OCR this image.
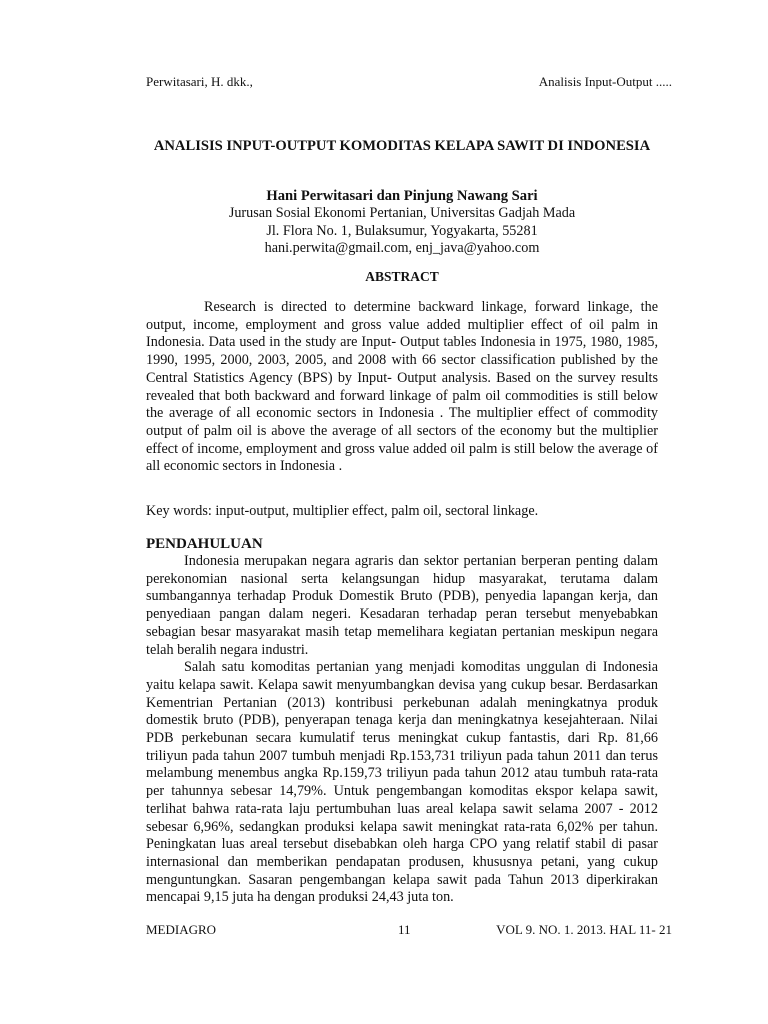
Perwitasari, H. dkk.,	Analisis Input-Output .....
ANALISIS INPUT-OUTPUT KOMODITAS KELAPA SAWIT DI INDONESIA
Hani Perwitasari dan Pinjung Nawang Sari
Jurusan Sosial Ekonomi Pertanian, Universitas Gadjah Mada
Jl. Flora No. 1, Bulaksumur, Yogyakarta, 55281
hani.perwita@gmail.com, enj_java@yahoo.com
ABSTRACT

Research is directed to determine backward linkage, forward linkage, the output, income, employment and gross value added multiplier effect of oil palm in Indonesia. Data used in the study are Input- Output tables Indonesia in 1975, 1980, 1985, 1990, 1995, 2000, 2003, 2005, and 2008 with 66 sector classification published by the Central Statistics Agency (BPS) by Input- Output analysis. Based on the survey results revealed that both backward and forward linkage of palm oil commodities is still below the average of all economic sectors in Indonesia . The multiplier effect of commodity output of palm oil is above the average of all sectors of the economy but the multiplier effect of income, employment and gross value added oil palm is still below the average of all economic sectors in Indonesia .

Key words: input-output, multiplier effect, palm oil, sectoral linkage.
PENDAHULUAN

Indonesia merupakan negara agraris dan sektor pertanian berperan penting dalam perekonomian nasional serta kelangsungan hidup masyarakat, terutama dalam sumbangannya terhadap Produk Domestik Bruto (PDB), penyedia lapangan kerja, dan penyediaan pangan dalam negeri. Kesadaran terhadap peran tersebut menyebabkan sebagian besar masyarakat masih tetap memelihara kegiatan pertanian meskipun negara telah beralih negara industri.

Salah satu komoditas pertanian yang menjadi komoditas unggulan di Indonesia yaitu kelapa sawit. Kelapa sawit menyumbangkan devisa yang cukup besar. Berdasarkan Kementrian Pertanian (2013) kontribusi perkebunan adalah meningkatnya produk domestik bruto (PDB), penyerapan tenaga kerja dan meningkatnya kesejahteraan. Nilai PDB perkebunan secara kumulatif terus meningkat cukup fantastis, dari Rp. 81,66 triliyun pada tahun 2007 tumbuh menjadi Rp.153,731 triliyun pada tahun 2011 dan terus melambung menembus angka Rp.159,73 triliyun pada tahun 2012 atau tumbuh rata-rata per tahunnya sebesar 14,79%. Untuk pengembangan komoditas ekspor kelapa sawit, terlihat bahwa rata-rata laju pertumbuhan luas areal kelapa sawit selama 2007 - 2012 sebesar 6,96%, sedangkan produksi kelapa sawit meningkat rata-rata 6,02% per tahun. Peningkatan luas areal tersebut disebabkan oleh harga CPO yang relatif stabil di pasar internasional dan memberikan pendapatan produsen, khususnya petani, yang cukup menguntungkan. Sasaran pengembangan kelapa sawit pada Tahun 2013 diperkirakan mencapai 9,15 juta ha dengan produksi 24,43 juta ton.

MEDIAGRO	11	VOL 9. NO. 1. 2013. HAL 11- 21
